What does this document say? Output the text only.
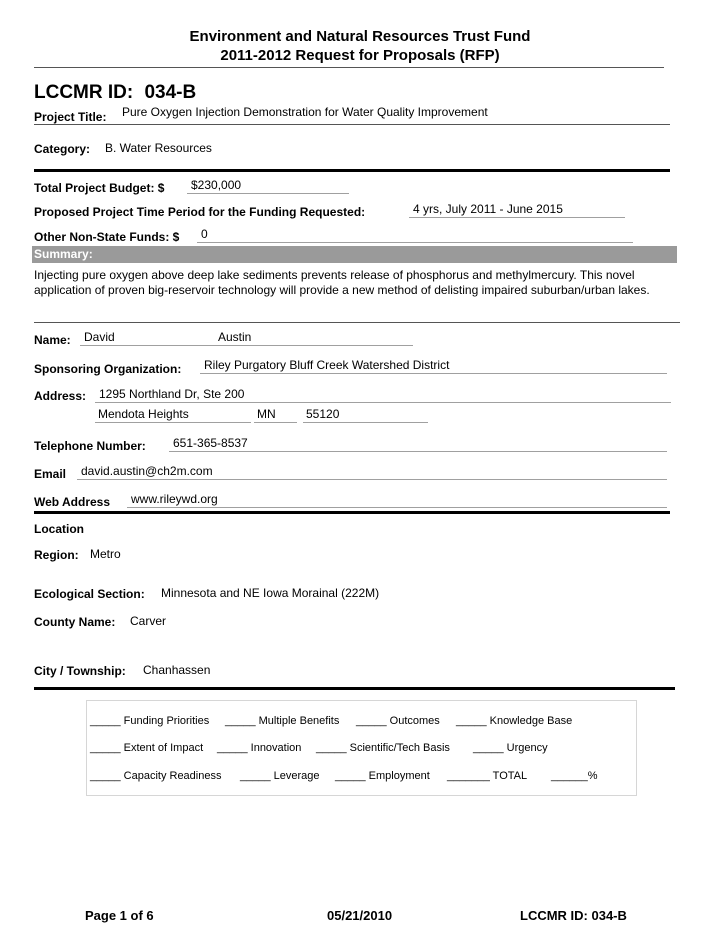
Environment and Natural Resources Trust Fund
2011-2012 Request for Proposals (RFP)
LCCMR ID: 034-B
Project Title: Pure Oxygen Injection Demonstration for Water Quality Improvement
Category: B. Water Resources
Total Project Budget: $ $230,000
Proposed Project Time Period for the Funding Requested:	4 yrs, July 2011 - June 2015
Other Non-State Funds: $ 0
Summary:
Injecting pure oxygen above deep lake sediments prevents release of phosphorus and methylmercury. This novel application of proven big-reservoir technology will provide a new method of delisting impaired suburban/urban lakes.
Name: David	Austin
Sponsoring Organization: Riley Purgatory Bluff Creek Watershed District
Address: 1295 Northland Dr, Ste 200
Mendota Heights	MN	55120
Telephone Number: 651-365-8537
Email david.austin@ch2m.com
Web Address www.rileywd.org
Location
Region: Metro
Ecological Section: Minnesota and NE Iowa Morainal (222M)
County Name: Carver
City / Township: Chanhassen
_____ Funding Priorities _____ Multiple Benefits _____ Outcomes _____ Knowledge Base
_____ Extent of Impact _____ Innovation _____ Scientific/Tech Basis _____ Urgency
_____ Capacity Readiness _____ Leverage _____ Employment _______ TOTAL ______%
Page 1 of 6	05/21/2010	LCCMR ID: 034-B
